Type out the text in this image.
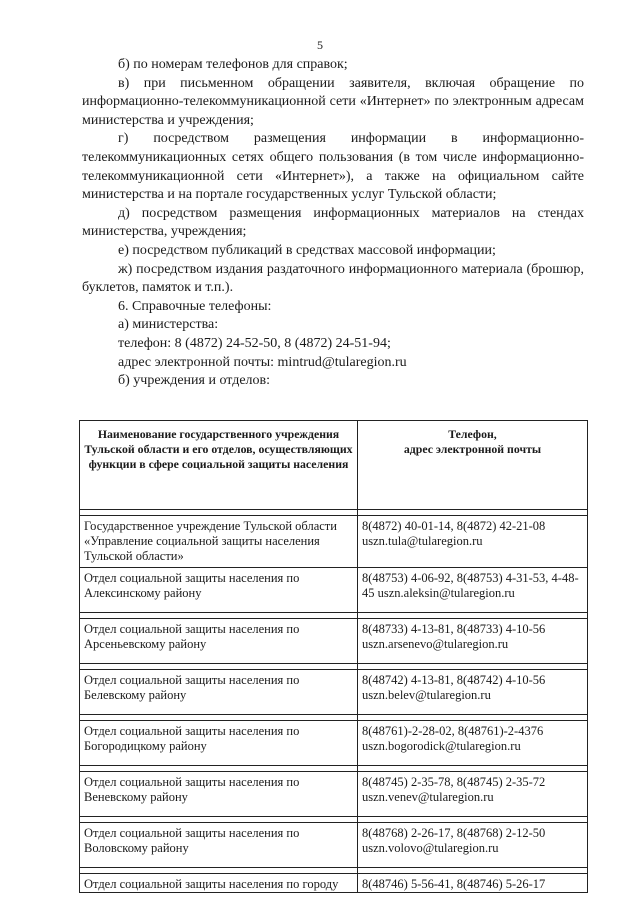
5

б) по номерам телефонов для справок;

в) при письменном обращении заявителя, включая обращение по информационно-телекоммуникационной сети «Интернет» по электронным адресам министерства и учреждения;

г) посредством размещения информации в информационно-телекоммуникационных сетях общего пользования (в том числе информационно-телекоммуникационной сети «Интернет»), а также на официальном сайте министерства и на портале государственных услуг Тульской области;

д) посредством размещения информационных материалов на стендах министерства, учреждения;

е) посредством публикаций в средствах массовой информации;

ж) посредством издания раздаточного информационного материала (брошюр, буклетов, памяток и т.п.).

6. Справочные телефоны:

а) министерства:

телефон: 8 (4872) 24-52-50, 8 (4872) 24-51-94;

адрес электронной почты: mintrud@tularegion.ru

б) учреждения и отделов:

Наименование государственного учреждения Тульской области и его отделов, осуществляющих функции в сфере социальной защиты населения	Телефон,
адрес электронной почты

Государственное учреждение Тульской области «Управление социальной защиты населения Тульской области»	8(4872) 40-01-14, 8(4872) 42-21-08 uszn.tula@tularegion.ru
Отдел социальной защиты населения по Алексинскому району	8(48753) 4-06-92, 8(48753) 4-31-53, 4-48-45 uszn.aleksin@tularegion.ru

Отдел социальной защиты населения по Арсеньевскому району	8(48733) 4-13-81, 8(48733) 4-10-56 uszn.arsenevo@tularegion.ru

Отдел социальной защиты населения по Белевскому району	8(48742) 4-13-81, 8(48742) 4-10-56 uszn.belev@tularegion.ru

Отдел социальной защиты населения по Богородицкому району	8(48761)-2-28-02, 8(48761)-2-4376 uszn.bogorodick@tularegion.ru

Отдел социальной защиты населения по Веневскому району	8(48745) 2-35-78, 8(48745) 2-35-72 uszn.venev@tularegion.ru

Отдел социальной защиты населения по Воловскому району	8(48768) 2-26-17, 8(48768) 2-12-50 uszn.volovo@tularegion.ru

Отдел социальной защиты населения по городу	8(48746) 5-56-41, 8(48746) 5-26-17
